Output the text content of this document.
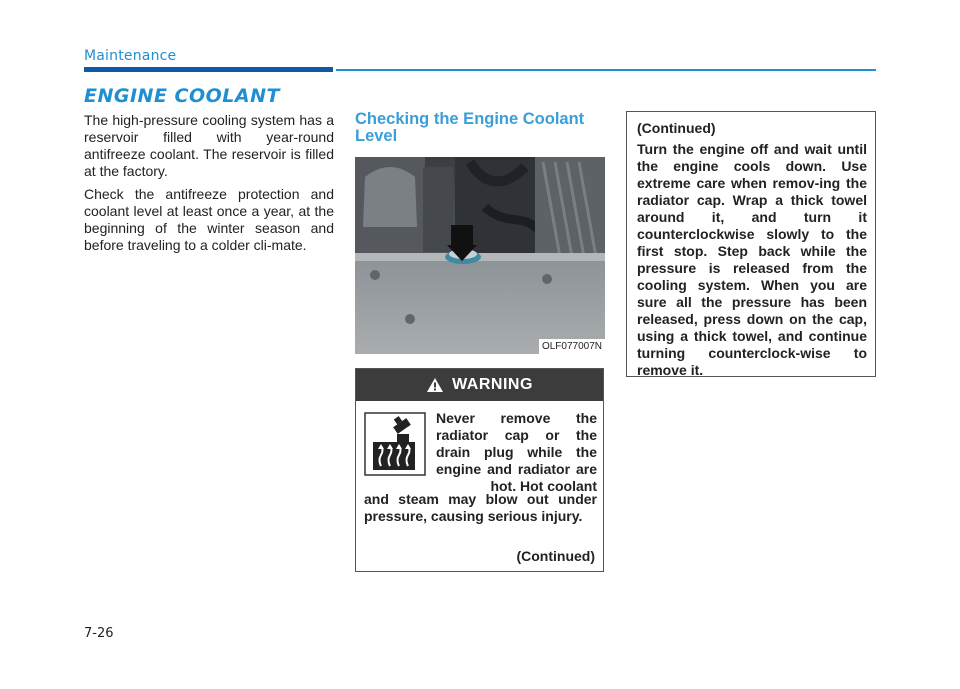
Maintenance
ENGINE COOLANT

The high-pressure cooling system has a reservoir filled with year-round antifreeze coolant. The reservoir is filled at the factory.

Check the antifreeze protection and coolant level at least once a year, at the beginning of the winter season and before traveling to a colder cli-mate.

Checking the Engine Coolant Level
OLF077007N
WARNING
Never remove the radiator cap or the drain plug while the engine and radiator are hot. Hot coolant
and steam may blow out under pressure, causing serious injury.
(Continued)
(Continued)
Turn the engine off and wait until the engine cools down. Use extreme care when remov-ing the radiator cap. Wrap a thick towel around it, and turn it counterclockwise slowly to the first stop. Step back while the pressure is released from the cooling system. When you are sure all the pressure has been released, press down on the cap, using a thick towel, and continue turning counterclock-wise to remove it.
7-26
